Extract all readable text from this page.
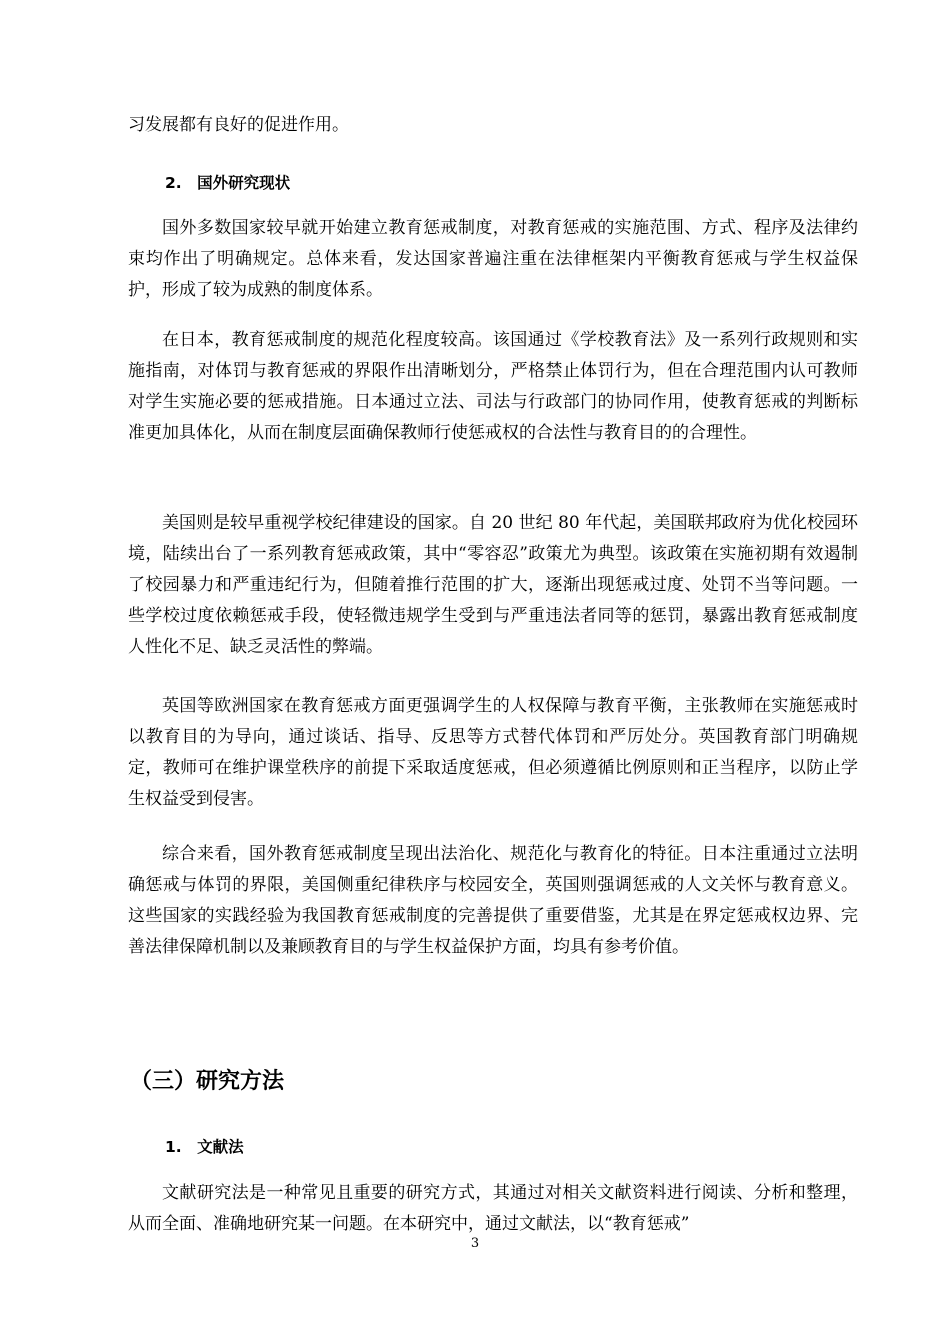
习发展都有良好的促进作用。

2.　国外研究现状

国外多数国家较早就开始建立教育惩戒制度，对教育惩戒的实施范围、方式、程序及法律约束均作出了明确规定。总体来看，发达国家普遍注重在法律框架内平衡教育惩戒与学生权益保护，形成了较为成熟的制度体系。

在日本，教育惩戒制度的规范化程度较高。该国通过《学校教育法》及一系列行政规则和实施指南，对体罚与教育惩戒的界限作出清晰划分，严格禁止体罚行为，但在合理范围内认可教师对学生实施必要的惩戒措施。日本通过立法、司法与行政部门的协同作用，使教育惩戒的判断标准更加具体化，从而在制度层面确保教师行使惩戒权的合法性与教育目的的合理性。

美国则是较早重视学校纪律建设的国家。自 20 世纪 80 年代起，美国联邦政府为优化校园环境，陆续出台了一系列教育惩戒政策，其中“零容忍”政策尤为典型。该政策在实施初期有效遏制了校园暴力和严重违纪行为，但随着推行范围的扩大，逐渐出现惩戒过度、处罚不当等问题。一些学校过度依赖惩戒手段，使轻微违规学生受到与严重违法者同等的惩罚，暴露出教育惩戒制度人性化不足、缺乏灵活性的弊端。

英国等欧洲国家在教育惩戒方面更强调学生的人权保障与教育平衡，主张教师在实施惩戒时以教育目的为导向，通过谈话、指导、反思等方式替代体罚和严厉处分。英国教育部门明确规定，教师可在维护课堂秩序的前提下采取适度惩戒，但必须遵循比例原则和正当程序，以防止学生权益受到侵害。

综合来看，国外教育惩戒制度呈现出法治化、规范化与教育化的特征。日本注重通过立法明确惩戒与体罚的界限，美国侧重纪律秩序与校园安全，英国则强调惩戒的人文关怀与教育意义。这些国家的实践经验为我国教育惩戒制度的完善提供了重要借鉴，尤其是在界定惩戒权边界、完善法律保障机制以及兼顾教育目的与学生权益保护方面，均具有参考价值。

（三）研究方法
1.　文献法

文献研究法是一种常见且重要的研究方式，其通过对相关文献资料进行阅读、分析和整理，从而全面、准确地研究某一问题。在本研究中，通过文献法，以“教育惩戒”

3
